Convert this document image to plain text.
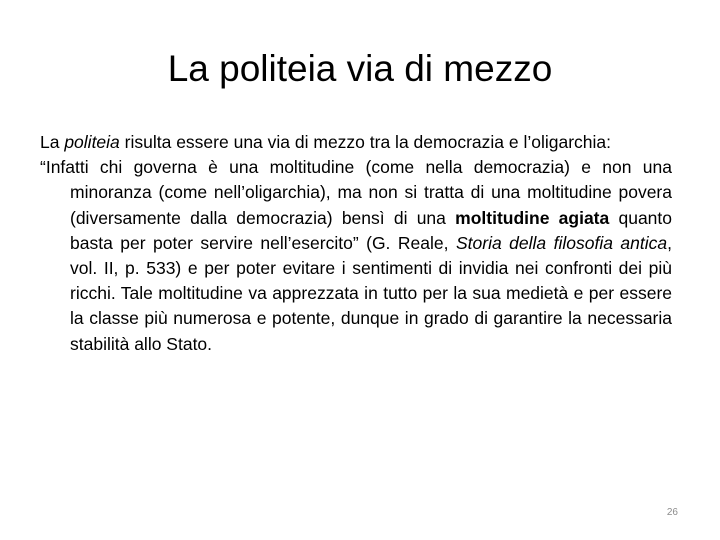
La politeia via di mezzo

La politeia risulta essere una via di mezzo tra la democrazia e l’oligarchia:

“Infatti chi governa è una moltitudine (come nella democrazia) e non una minoranza (come nell’oligarchia), ma non si tratta di una moltitudine povera (diversamente dalla democrazia) bensì di una moltitudine agiata quanto basta per poter servire nell’esercito” (G. Reale, Storia della filosofia antica, vol. II, p. 533) e per poter evitare i sentimenti di invidia nei confronti dei più ricchi. Tale moltitudine va apprezzata in tutto per la sua medietà e per essere la classe più numerosa e potente, dunque in grado di garantire la necessaria stabilità allo Stato.

26
